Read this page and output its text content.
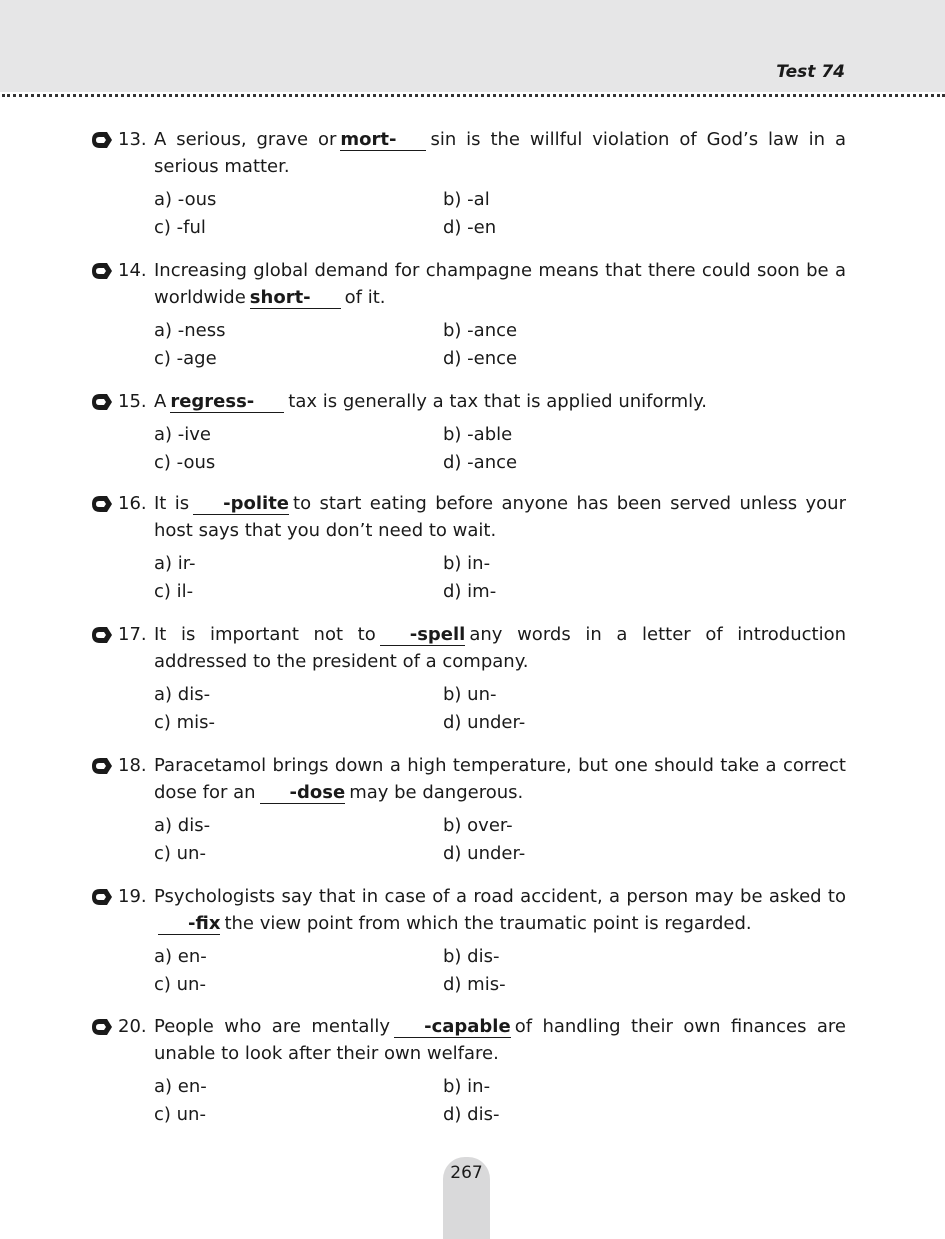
Test 74
13. A serious, grave or mort- sin is the willful violation of God’s law in a serious matter.
a) -ous	b) -al
c) -ful	d) -en
14. Increasing global demand for champagne means that there could soon be a worldwide short- of it.
a) -ness	b) -ance
c) -age	d) -ence
15. A regress- tax is generally a tax that is applied uniformly.
a) -ive	b) -able
c) -ous	d) -ance
16. It is -polite to start eating before anyone has been served unless your host says that you don’t need to wait.
a) ir-	b) in-
c) il-	d) im-
17. It is important not to -spell any words in a letter of introduction addressed to the president of a company.
a) dis-	b) un-
c) mis-	d) under-
18. Paracetamol brings down a high temperature, but one should take a correct dose for an -dose may be dangerous.
a) dis-	b) over-
c) un-	d) under-
19. Psychologists say that in case of a road accident, a person may be asked to-fix the view point from which the traumatic point is regarded.
a) en-	b) dis-
c) un-	d) mis-
20. People who are mentally -capable of handling their own finances are unable to look after their own welfare.
a) en-	b) in-
c) un-	d) dis-
267
